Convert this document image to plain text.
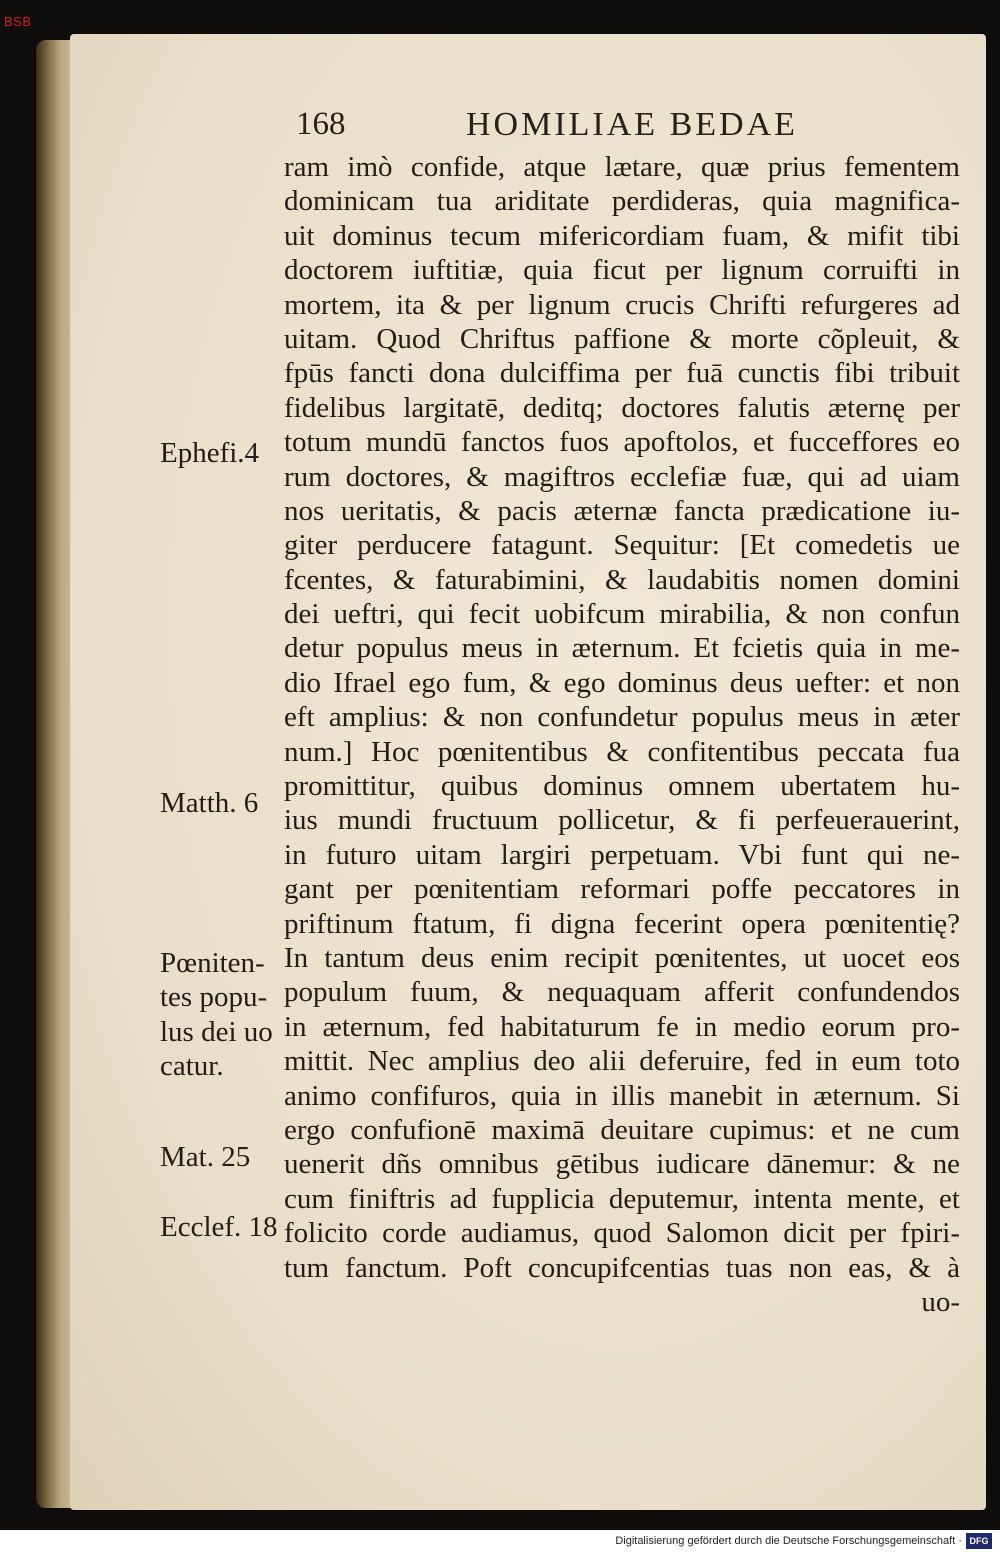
BSB
168	HOMILIAE BEDAE
ram imò confide, atque lætare, quæ prius fementem
dominicam tua ariditate perdideras, quia magnifica-
uit dominus tecum mifericordiam fuam, & mifit tibi
doctorem iuftitiæ, quia ficut per lignum corruifti in
mortem, ita & per lignum crucis Chrifti refurgeres ad
uitam. Quod Chriftus paffione & morte cõpleuit, &
fpūs fancti dona dulciffima per fuā cunctis fibi tribuit
fidelibus largitatē, deditq; doctores falutis æternę per
totum mundū fanctos fuos apoftolos, et fucceffores eo
rum doctores, & magiftros ecclefiæ fuæ, qui ad uiam
nos ueritatis, & pacis æternæ fancta prædicatione iu-
giter perducere fatagunt. Sequitur: [Et comedetis ue
fcentes, & faturabimini, & laudabitis nomen domini
dei ueftri, qui fecit uobifcum mirabilia, & non confun
detur populus meus in æternum. Et fcietis quia in me-
dio Ifrael ego fum, & ego dominus deus uefter: et non
eft amplius: & non confundetur populus meus in æter
num.] Hoc pœnitentibus & confitentibus peccata fua
promittitur, quibus dominus omnem ubertatem hu-
ius mundi fructuum pollicetur, & fi perfeuerauerint,
in futuro uitam largiri perpetuam. Vbi funt qui ne-
gant per pœnitentiam reformari poffe peccatores in
priftinum ftatum, fi digna fecerint opera pœnitentię?
In tantum deus enim recipit pœnitentes, ut uocet eos
populum fuum, & nequaquam afferit confundendos
in æternum, fed habitaturum fe in medio eorum pro-
mittit. Nec amplius deo alii deferuire, fed in eum toto
animo confifuros, quia in illis manebit in æternum. Si
ergo confufionē maximā deuitare cupimus: et ne cum
uenerit dñs omnibus gētibus iudicare dānemur: & ne
cum finiftris ad fupplicia deputemur, intenta mente, et
folicito corde audiamus, quod Salomon dicit per fpiri-
tum fanctum. Poft concupifcentias tuas non eas, & à
uo-
Ephefi.4
Matth. 6
Pœniten-
tes popu-
lus dei uo
catur.
Mat. 25
Ecclef. 18
Digitalisierung gefördert durch die Deutsche Forschungsgemeinschaft · DFG
